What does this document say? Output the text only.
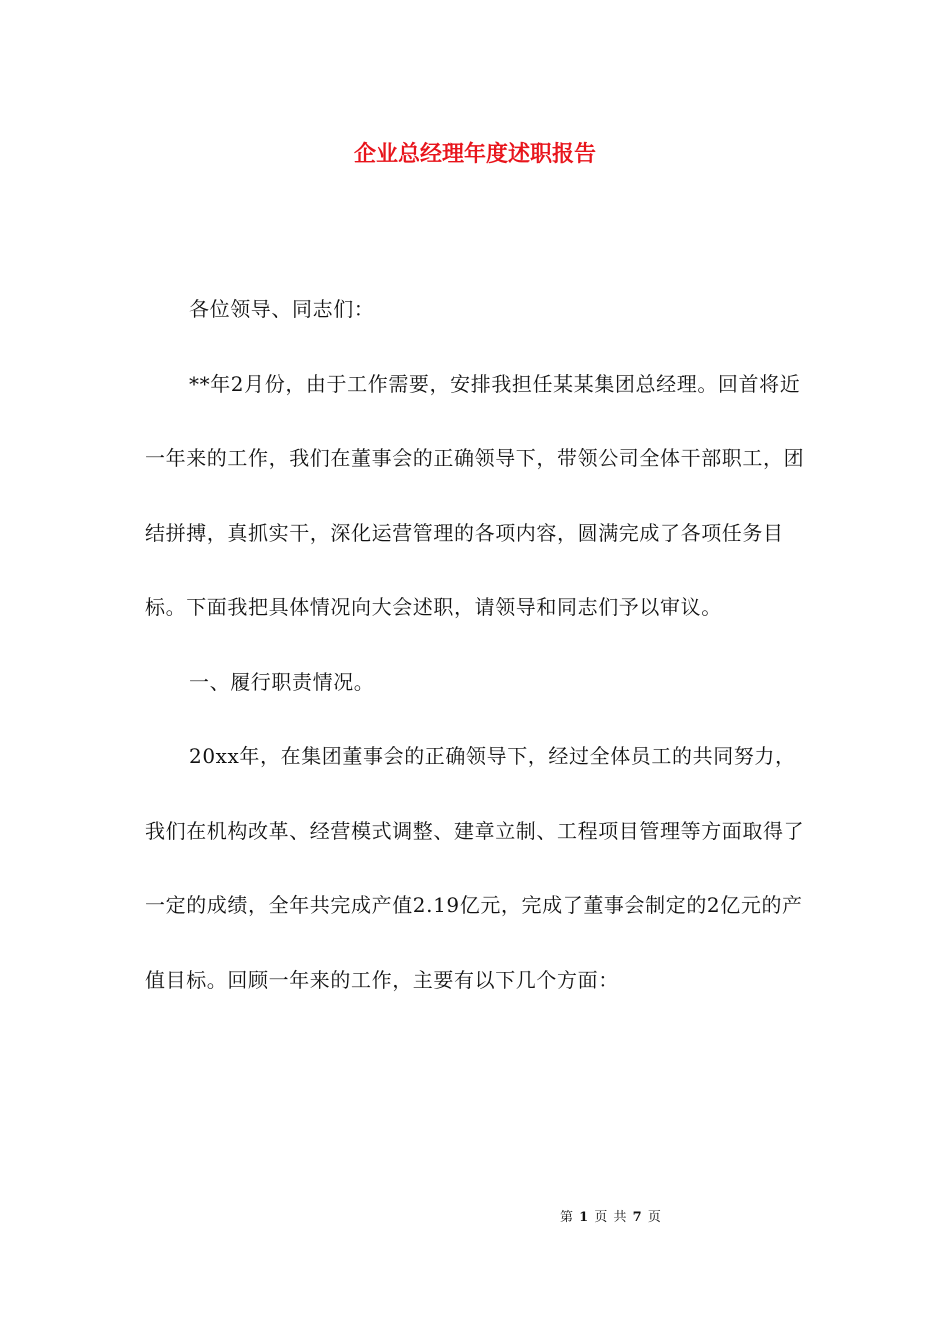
企业总经理年度述职报告

各位领导、同志们：

**年2月份，由于工作需要，安排我担任某某集团总经理。回首将近一年来的工作，我们在董事会的正确领导下，带领公司全体干部职工，团结拼搏，真抓实干，深化运营管理的各项内容，圆满完成了各项任务目标。下面我把具体情况向大会述职，请领导和同志们予以审议。

一、履行职责情况。

20xx年，在集团董事会的正确领导下，经过全体员工的共同努力，我们在机构改革、经营模式调整、建章立制、工程项目管理等方面取得了一定的成绩，全年共完成产值2.19亿元，完成了董事会制定的2亿元的产值目标。回顾一年来的工作，主要有以下几个方面：

第 1 页 共 7 页
